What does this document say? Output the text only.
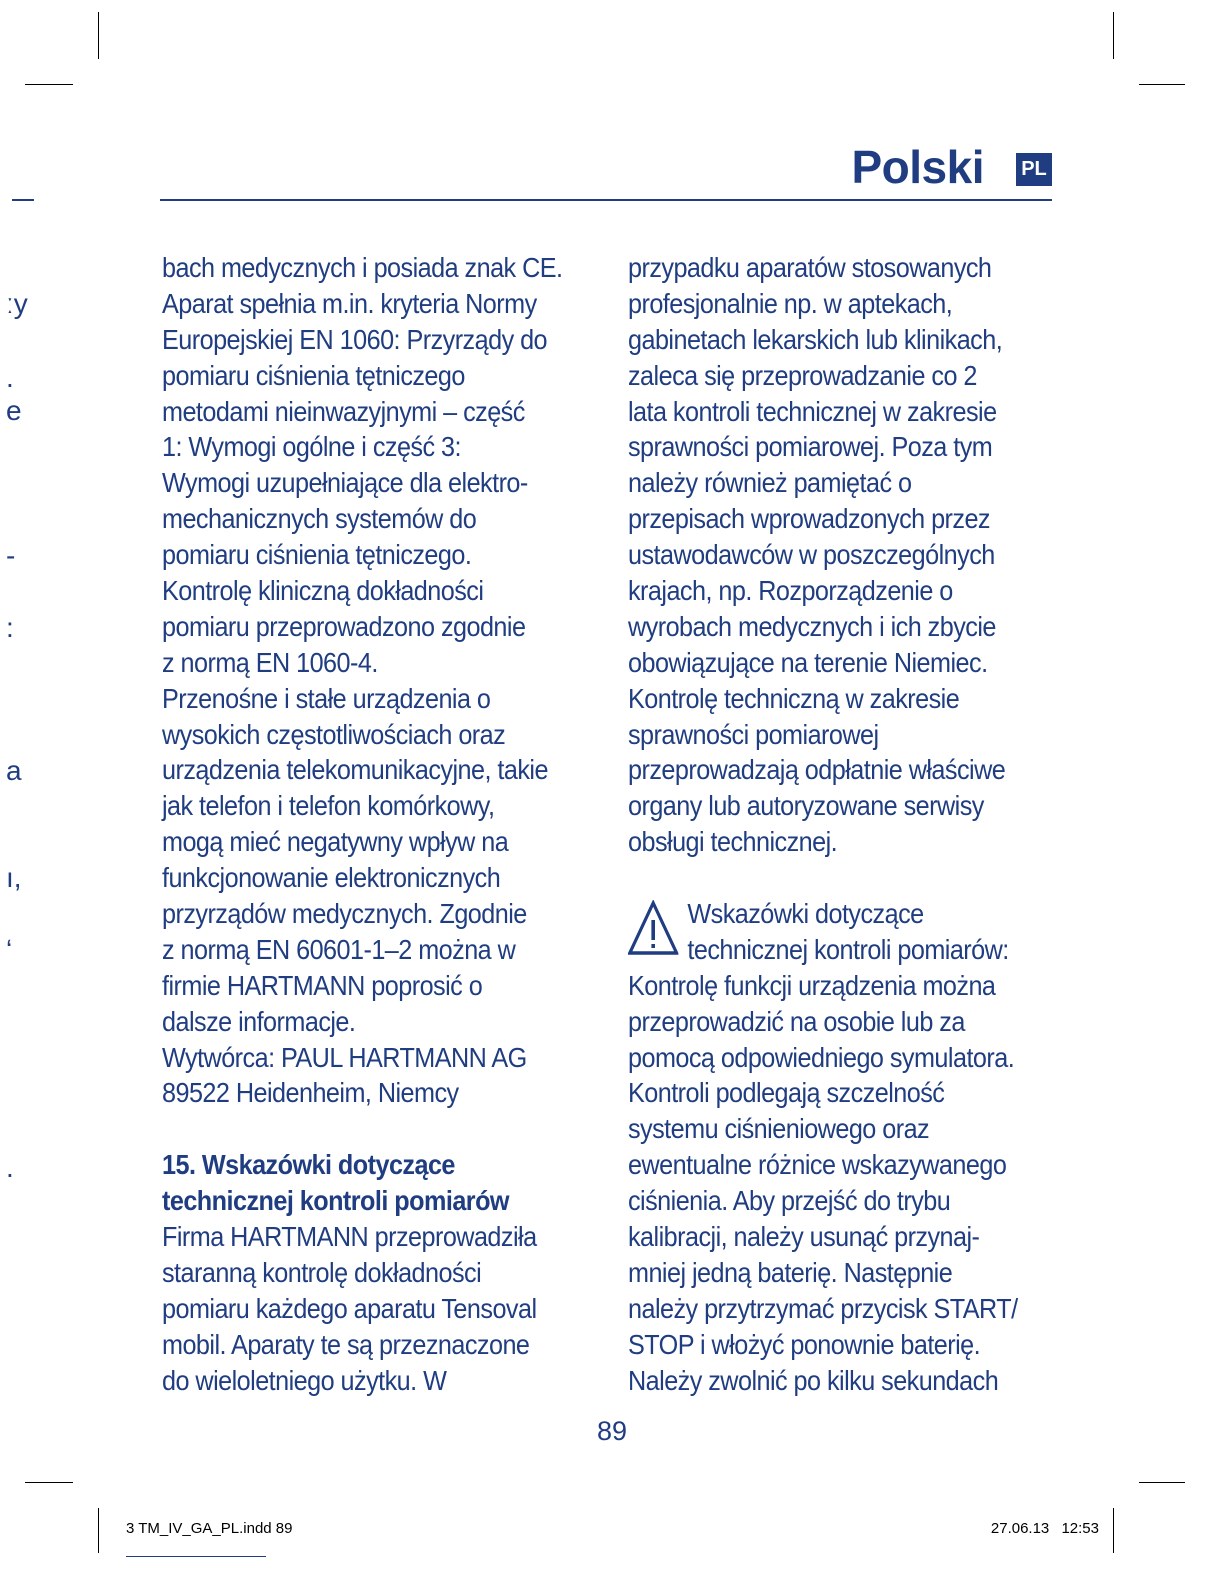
ːy
.
e
-
:
a
ı,
ʻ
.
Polski PL
bach medycznych i posiada znak CE.
Aparat spełnia m.in. kryteria Normy
Europejskiej EN 1060: Przyrządy do
pomiaru ciśnienia tętniczego
metodami nieinwazyjnymi – część
1: Wymogi ogólne i część 3:
Wymogi uzupełniające dla elektro-
mechanicznych systemów do
pomiaru ciśnienia tętniczego.
Kontrolę kliniczną dokładności
pomiaru przeprowadzono zgodnie
z normą EN 1060-4.
Przenośne i stałe urządzenia o
wysokich częstotliwościach oraz
urządzenia telekomunikacyjne, takie
jak telefon i telefon komórkowy,
mogą mieć negatywny wpływ na
funkcjonowanie elektronicznych
przyrządów medycznych. Zgodnie
z normą EN 60601-1–2 można w
firmie HARTMANN poprosić o
dalsze informacje.
Wytwórca: PAUL HARTMANN AG
89522 Heidenheim, Niemcy
15. Wskazówki dotyczące
technicznej kontroli pomiarów
Firma HARTMANN przeprowadziła
staranną kontrolę dokładności
pomiaru każdego aparatu Tensoval
mobil. Aparaty te są przeznaczone
do wieloletniego użytku. W
przypadku aparatów stosowanych
profesjonalnie np. w aptekach,
gabinetach lekarskich lub klinikach,
zaleca się przeprowadzanie co 2
lata kontroli technicznej w zakresie
sprawności pomiarowej. Poza tym
należy również pamiętać o
przepisach wprowadzonych przez
ustawodawców w poszczególnych
krajach, np. Rozporządzenie o
wyrobach medycznych i ich zbycie
obowiązujące na terenie Niemiec.
Kontrolę techniczną w zakresie
sprawności pomiarowej
przeprowadzają odpłatnie właściwe
organy lub autoryzowane serwisy
obsługi technicznej.
Wskazówki dotyczące
technicznej kontroli pomiarów:
Kontrolę funkcji urządzenia można
przeprowadzić na osobie lub za
pomocą odpowiedniego symulatora.
Kontroli podlegają szczelność
systemu ciśnieniowego oraz
ewentualne różnice wskazywanego
ciśnienia. Aby przejść do trybu
kalibracji, należy usunąć przynaj-
mniej jedną baterię. Następnie
należy przytrzymać przycisk START/
STOP i włożyć ponownie baterię.
Należy zwolnić po kilku sekundach
89
3 TM_IV_GA_PL.indd 89	27.06.13 12:53
